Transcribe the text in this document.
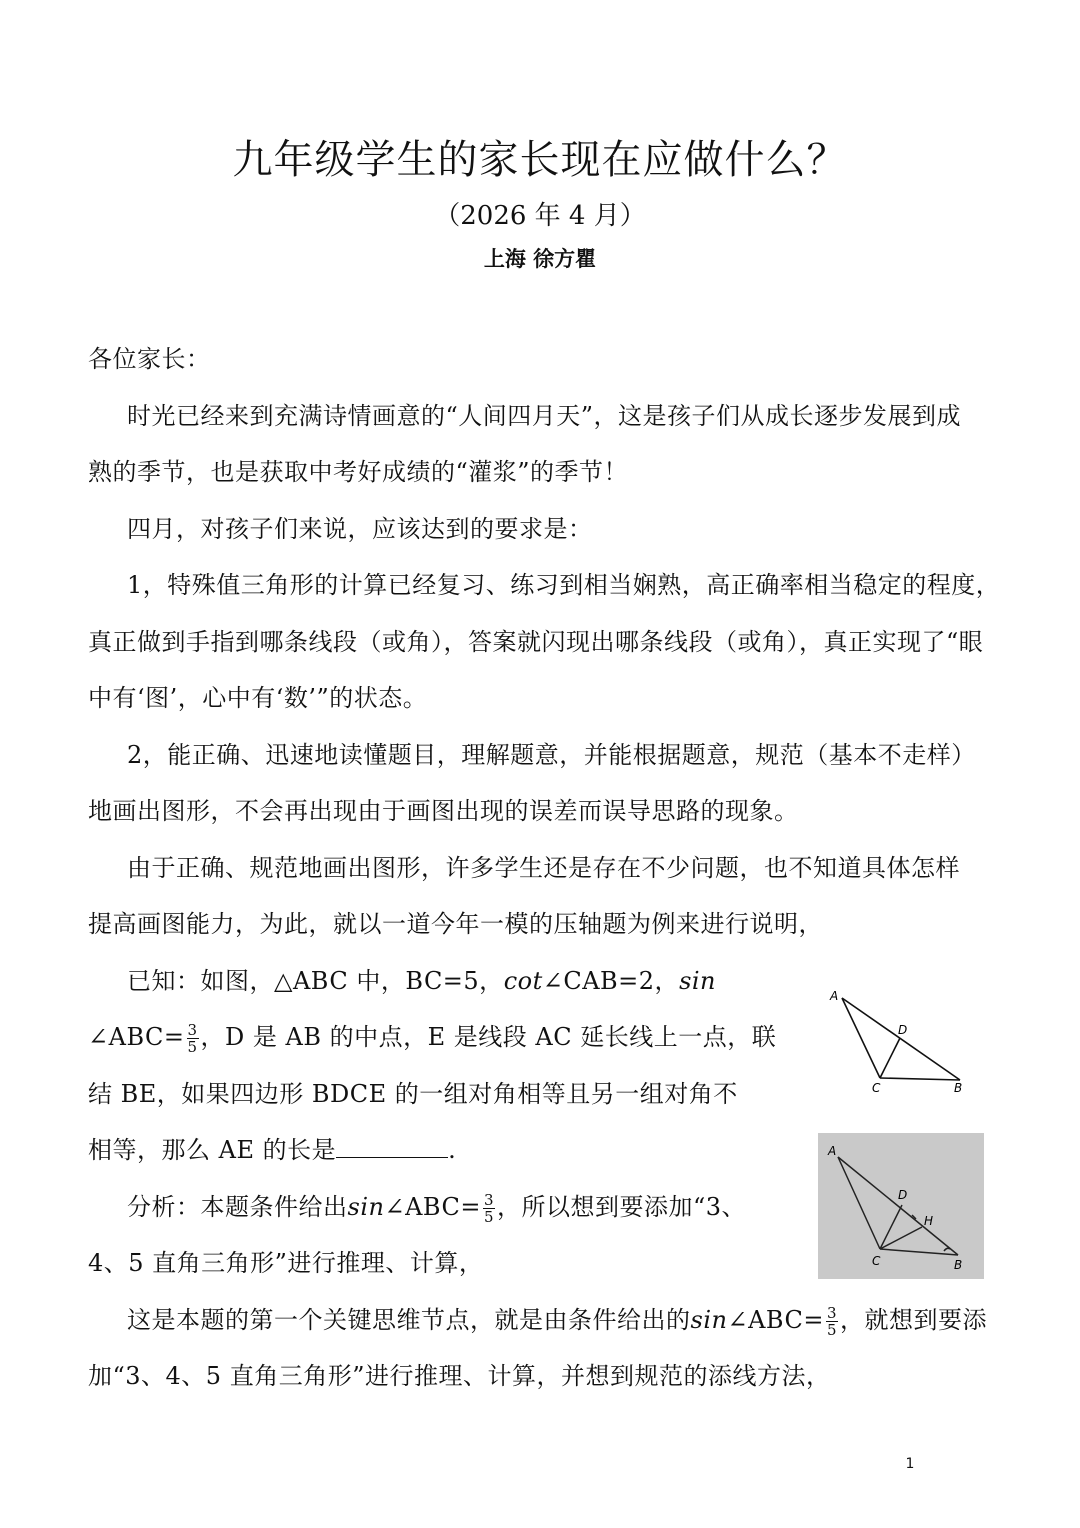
九年级学生的家长现在应做什么？
（2026 年 4 月）
上海 徐方瞿
各位家长：
时光已经来到充满诗情画意的“人间四月天”，这是孩子们从成长逐步发展到成
熟的季节，也是获取中考好成绩的“灌浆”的季节！
四月，对孩子们来说，应该达到的要求是：
1，特殊值三角形的计算已经复习、练习到相当娴熟，高正确率相当稳定的程度，
真正做到手指到哪条线段（或角），答案就闪现出哪条线段（或角），真正实现了“眼
中有‘图’，心中有‘数’”的状态。
2，能正确、迅速地读懂题目，理解题意，并能根据题意，规范（基本不走样）
地画出图形，不会再出现由于画图出现的误差而误导思路的现象。
由于正确、规范地画出图形，许多学生还是存在不少问题，也不知道具体怎样
提高画图能力，为此，就以一道今年一模的压轴题为例来进行说明，
已知：如图，△ABC 中，BC=5，cot∠CAB=2，sin
∠ABC= $\frac{3}{5}$ ，D 是 AB 的中点，E 是线段 AC 延长线上一点，联
结 BE，如果四边形 BDCE 的一组对角相等且另一组对角不
相等，那么 AE 的长是	.
分析：本题条件给出sin∠ABC= $\frac{3}{5}$ ，所以想到要添加“3、
4、5 直角三角形”进行推理、计算，
这是本题的第一个关键思维节点，就是由条件给出的sin∠ABC= $\frac{3}{5}$ ，就想到要添
加“3、4、5 直角三角形”进行推理、计算，并想到规范的添线方法，
A
D
C	B
A
D
H
C	B
1
